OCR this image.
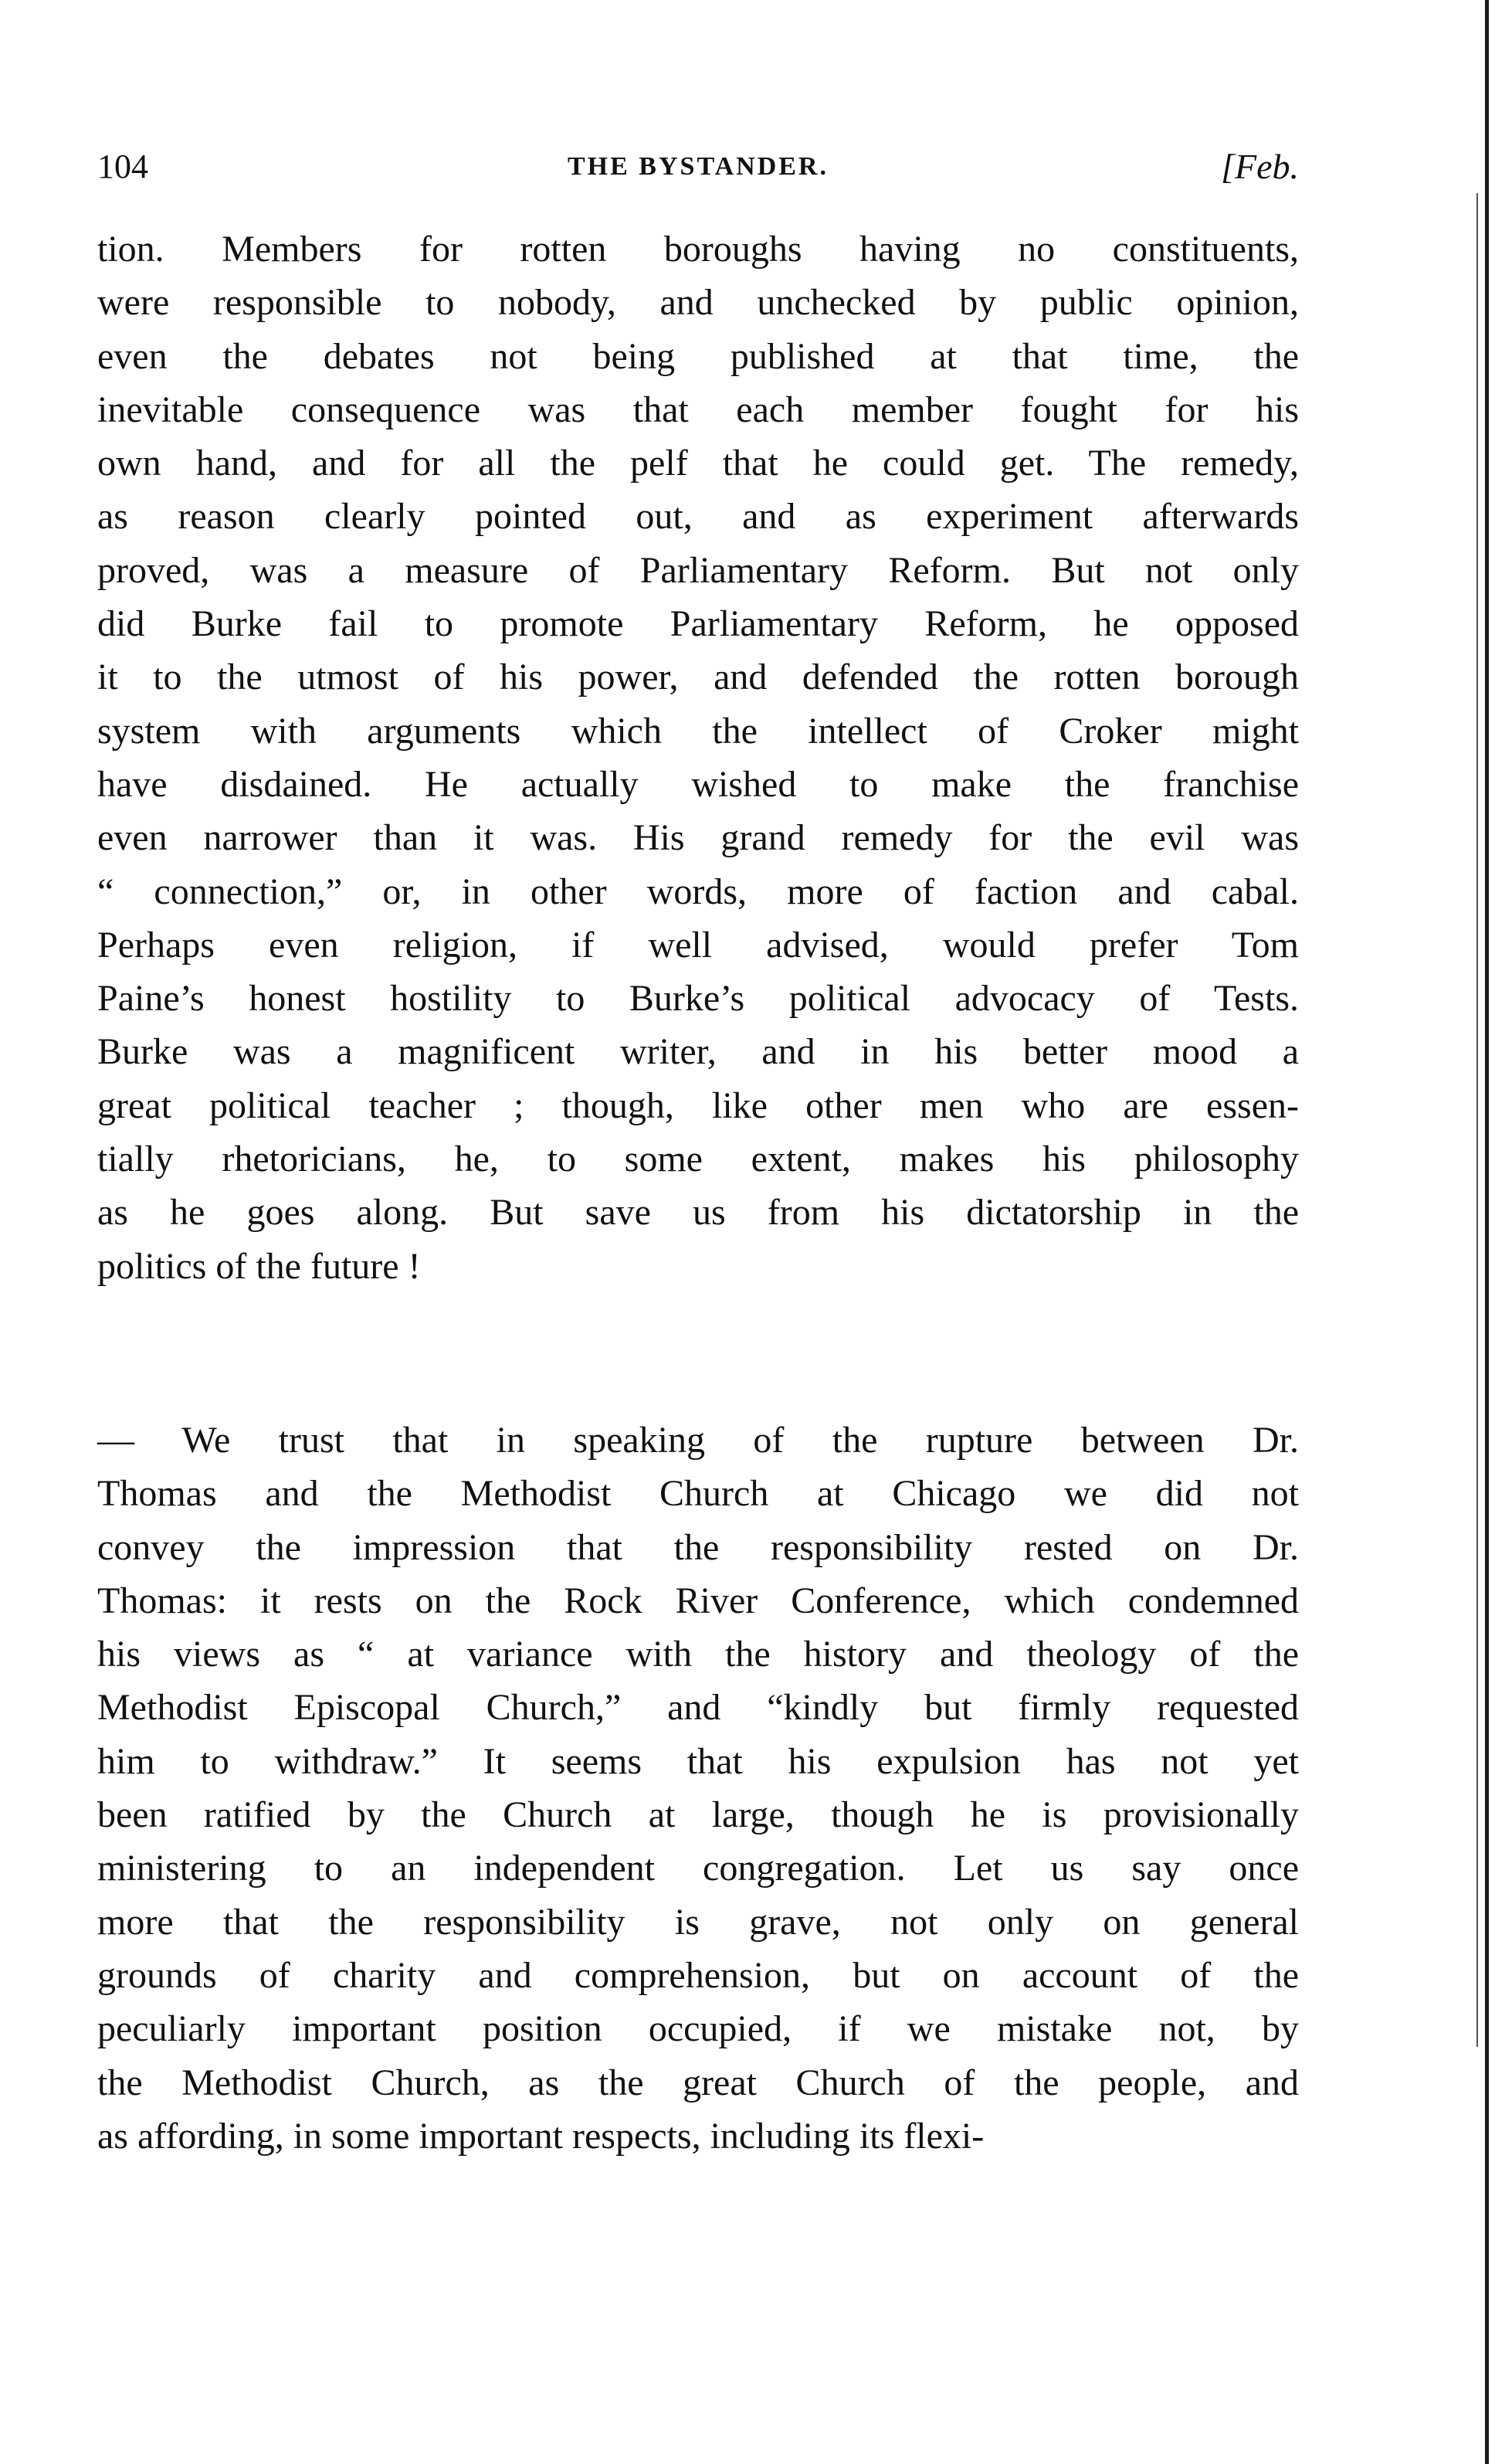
104	THE BYSTANDER.	[Feb.
tion. Members for rotten boroughs having no constituents,
were responsible to nobody, and unchecked by public opinion,
even the debates not being published at that time, the
inevitable consequence was that each member fought for his
own hand, and for all the pelf that he could get. The remedy,
as reason clearly pointed out, and as experiment afterwards
proved, was a measure of Parliamentary Reform. But not only
did Burke fail to promote Parliamentary Reform, he opposed
it to the utmost of his power, and defended the rotten borough
system with arguments which the intellect of Croker might
have disdained. He actually wished to make the franchise
even narrower than it was. His grand remedy for the evil was
“ connection,” or, in other words, more of faction and cabal.
Perhaps even religion, if well advised, would prefer Tom
Paine’s honest hostility to Burke’s political advocacy of Tests.
Burke was a magnificent writer, and in his better mood a
great political teacher ; though, like other men who are essen-
tially rhetoricians, he, to some extent, makes his philosophy
as he goes along. But save us from his dictatorship in the
politics of the future !
— We trust that in speaking of the rupture between Dr.
Thomas and the Methodist Church at Chicago we did not
convey the impression that the responsibility rested on Dr.
Thomas: it rests on the Rock River Conference, which condemned
his views as “ at variance with the history and theology of the
Methodist Episcopal Church,” and “kindly but firmly requested
him to withdraw.” It seems that his expulsion has not yet
been ratified by the Church at large, though he is provisionally
ministering to an independent congregation. Let us say once
more that the responsibility is grave, not only on general
grounds of charity and comprehension, but on account of the
peculiarly important position occupied, if we mistake not, by
the Methodist Church, as the great Church of the people, and
as affording, in some important respects, including its flexi-
